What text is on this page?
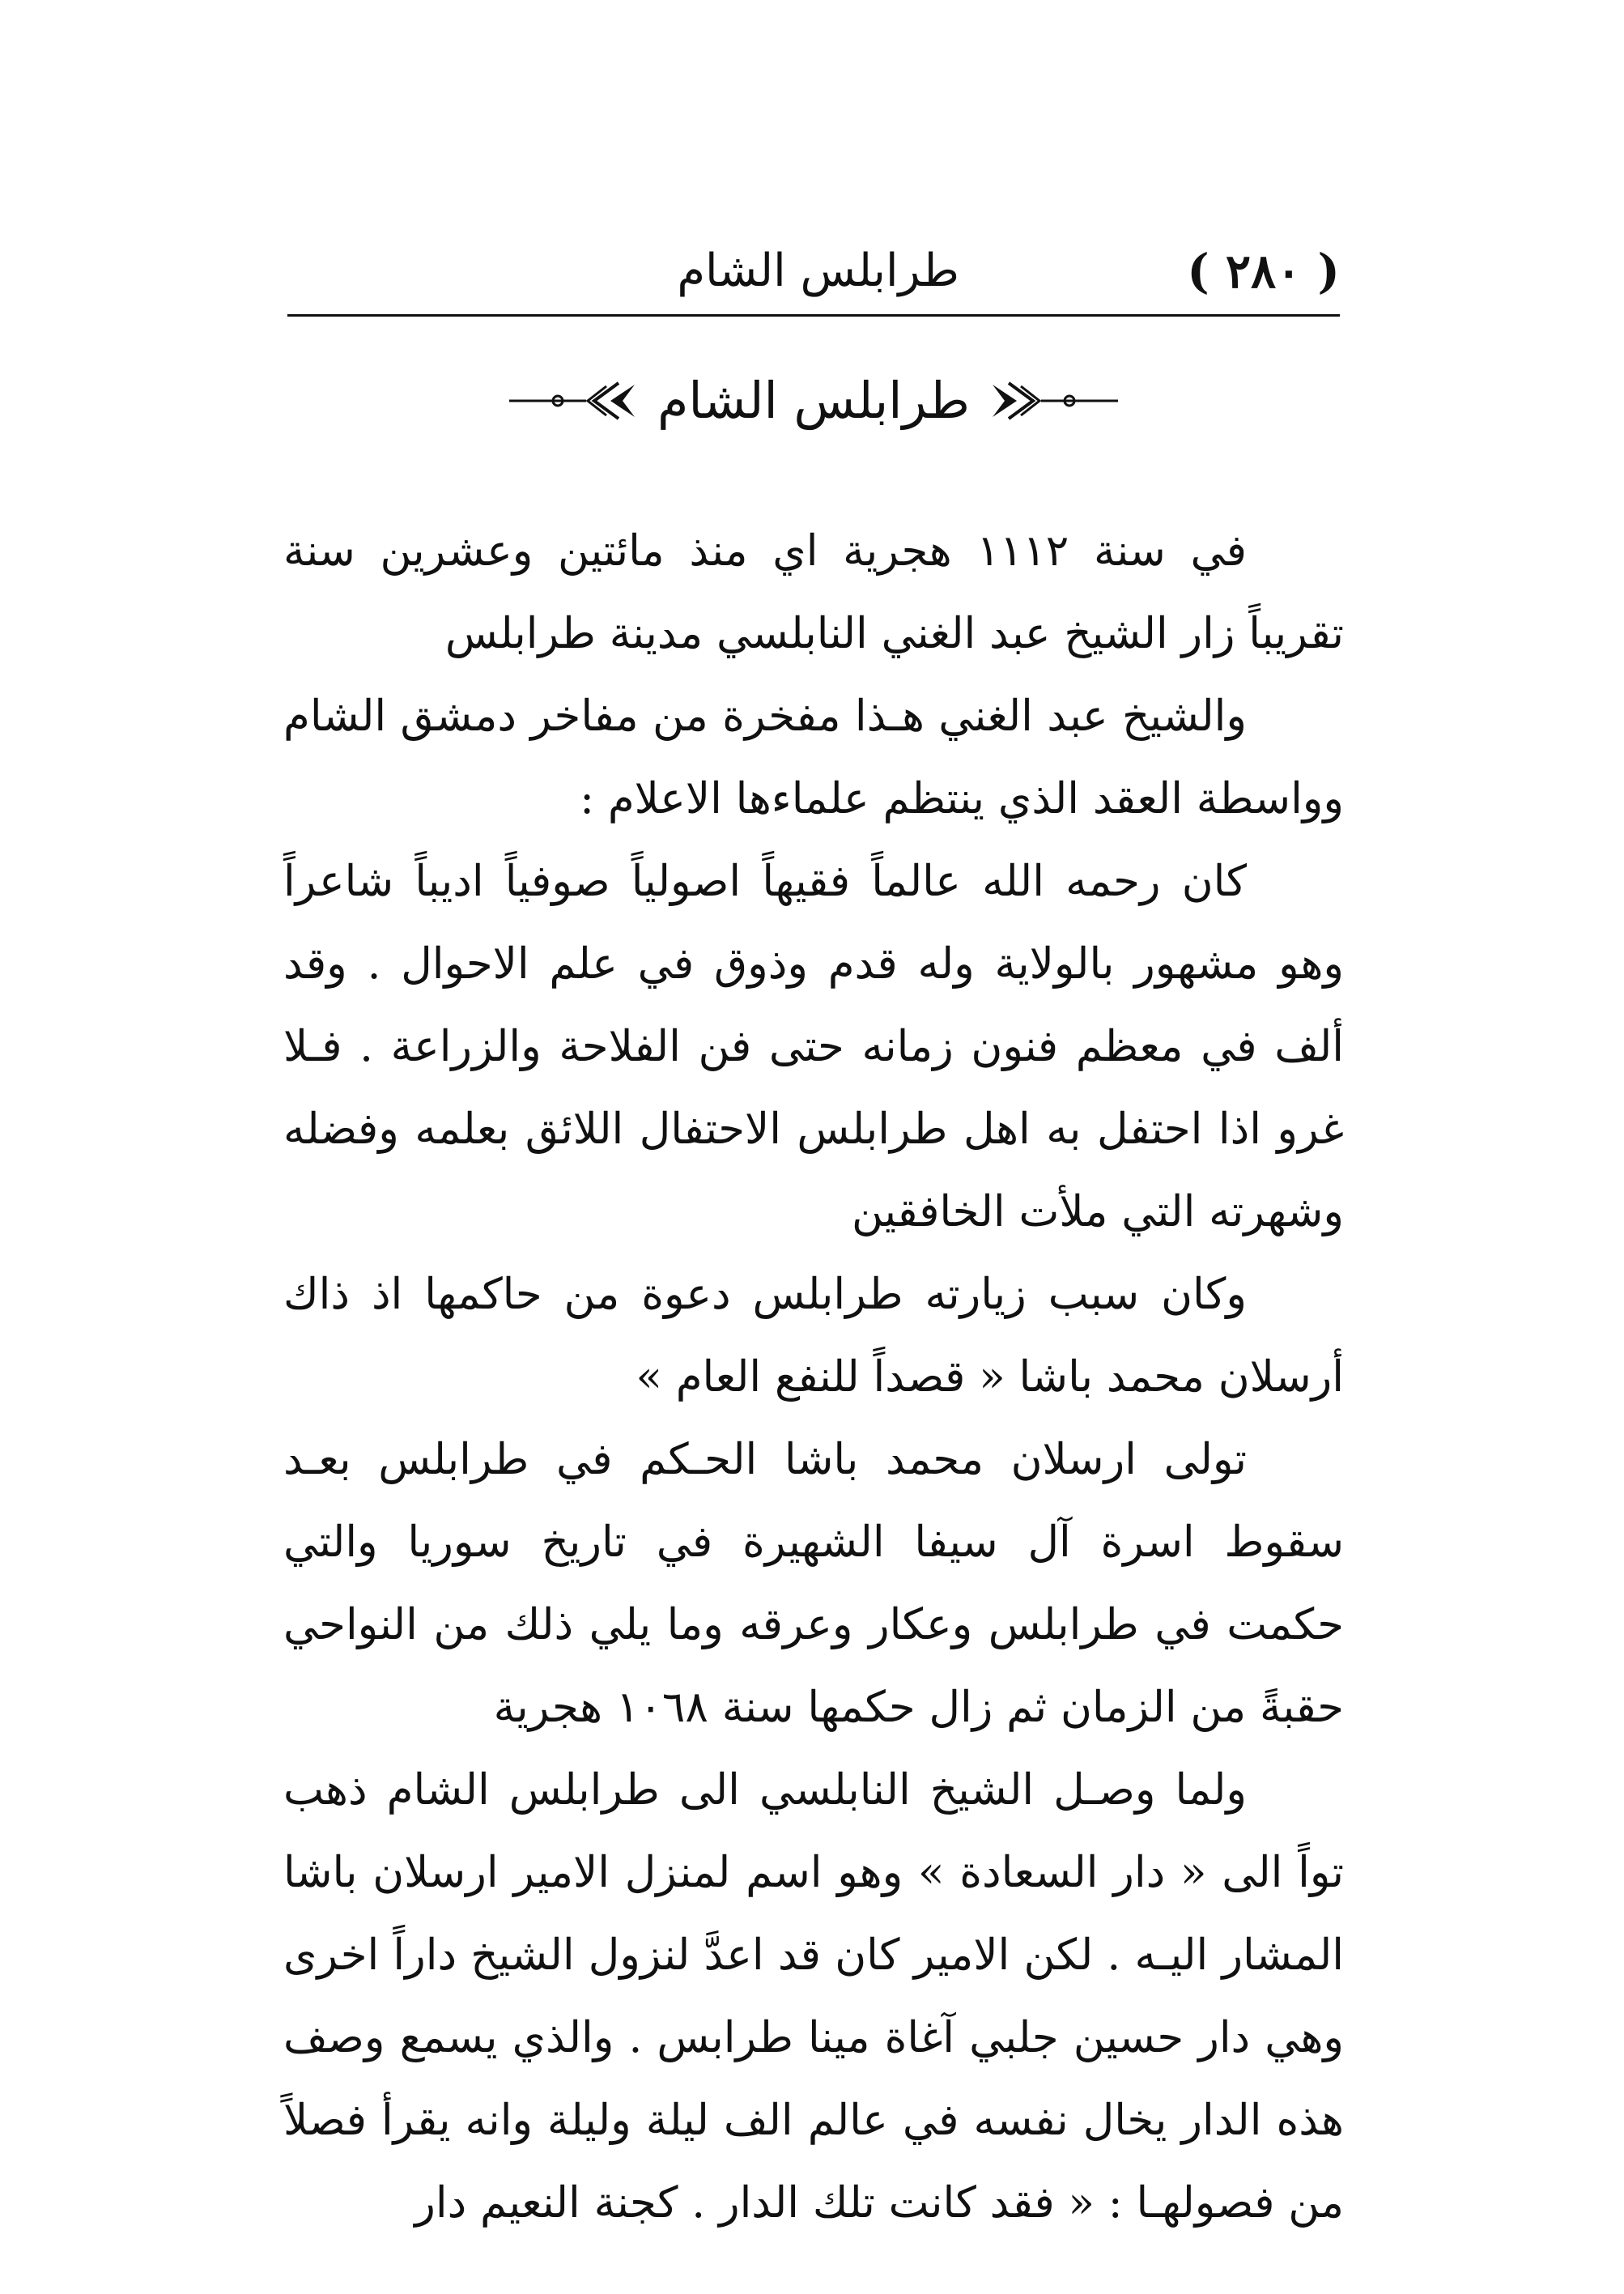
( ٢٨٠ )
طرابلس الشام
طرابلس الشام

في سنة ١١١٢ هجرية اي منذ مائتين وعشرين سنة تقريباً زار الشيخ عبد الغني النابلسي مدينة طرابلس

والشيخ عبد الغني هـذا مفخرة من مفاخر دمشق الشام وواسطة العقد الذي ينتظم علماءها الاعلام :

كان رحمه الله عالماً فقيهاً اصولياً صوفياً اديباً شاعراً وهو مشهور بالولاية وله قدم وذوق في علم الاحوال . وقد ألف في معظم فنون زمانه حتى فن الفلاحة والزراعة . فـلا غرو اذا احتفل به اهل طرابلس الاحتفال اللائق بعلمه وفضله وشهرته التي ملأت الخافقين

وكان سبب زيارته طرابلس دعوة من حاكمها اذ ذاك أرسلان محمد باشا « قصداً للنفع العام »

تولى ارسلان محمد باشا الحـكم في طرابلس بعـد سقوط اسرة آل سيفا الشهيرة في تاريخ سوريا والتي حكمت في طرابلس وعكار وعرقه وما يلي ذلك من النواحي حقبةً من الزمان ثم زال حكمها سنة ١٠٦٨ هجرية

ولما وصـل الشيخ النابلسي الى طرابلس الشام ذهب تواً الى « دار السعادة » وهو اسم لمنزل الامير ارسلان باشا المشار اليـه . لكن الامير كان قد اعدَّ لنزول الشيخ داراً اخرى وهي دار حسين جلبي آغاة مينا طرابس . والذي يسمع وصف هذه الدار يخال نفسه في عالم الف ليلة وليلة وانه يقرأ فصلاً من فصولهـا : « فقد كانت تلك الدار . كجنة النعيم دار
